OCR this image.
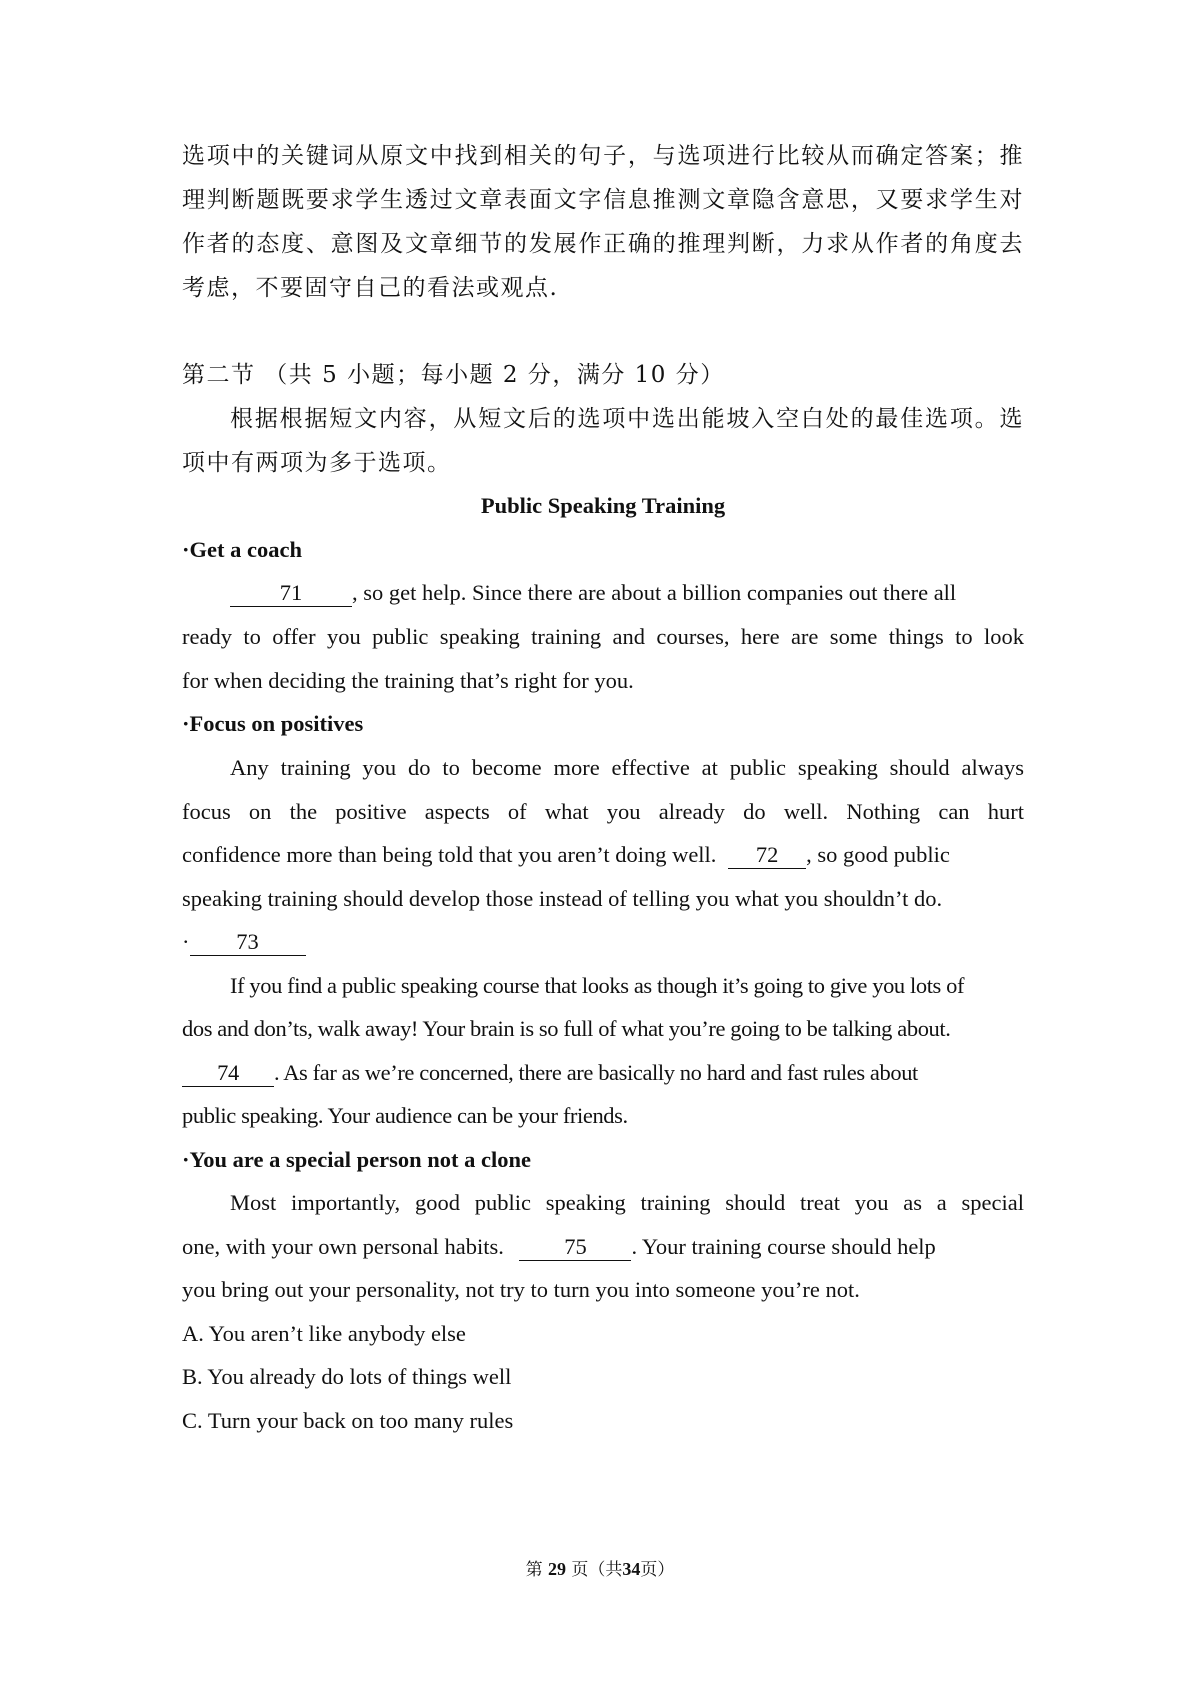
选项中的关键词从原文中找到相关的句子，与选项进行比较从而确定答案；推
理判断题既要求学生透过文章表面文字信息推测文章隐含意思，又要求学生对
作者的态度、意图及文章细节的发展作正确的推理判断，力求从作者的角度去
考虑，不要固守自己的看法或观点.
第二节 （共 5 小题；每小题 2 分，满分 10 分）
根据根据短文内容，从短文后的选项中选出能坡入空白处的最佳选项。选
项中有两项为多于选项。
Public Speaking Training
·Get a coach
71 , so get help. Since there are about a billion companies out there all
ready to offer you public speaking training and courses, here are some things to look
for when deciding the training that’s right for you.
·Focus on positives
Any training you do to become more effective at public speaking should always
focus on the positive aspects of what you already do well. Nothing can hurt
confidence more than being told that you aren’t doing well. 72 , so good public
speaking training should develop those instead of telling you what you shouldn’t do.
· 73
If you find a public speaking course that looks as though it’s going to give you lots of
dos and don’ts, walk away! Your brain is so full of what you’re going to be talking about.
74 . As far as we’re concerned, there are basically no hard and fast rules about
public speaking. Your audience can be your friends.
·You are a special person not a clone
Most importantly, good public speaking training should treat you as a special
one, with your own personal habits.	75 . Your training course should help
you bring out your personality, not try to turn you into someone you’re not.
A. You aren’t like anybody else
B. You already do lots of things well
C. Turn your back on too many rules
第 29 页（共34页）
